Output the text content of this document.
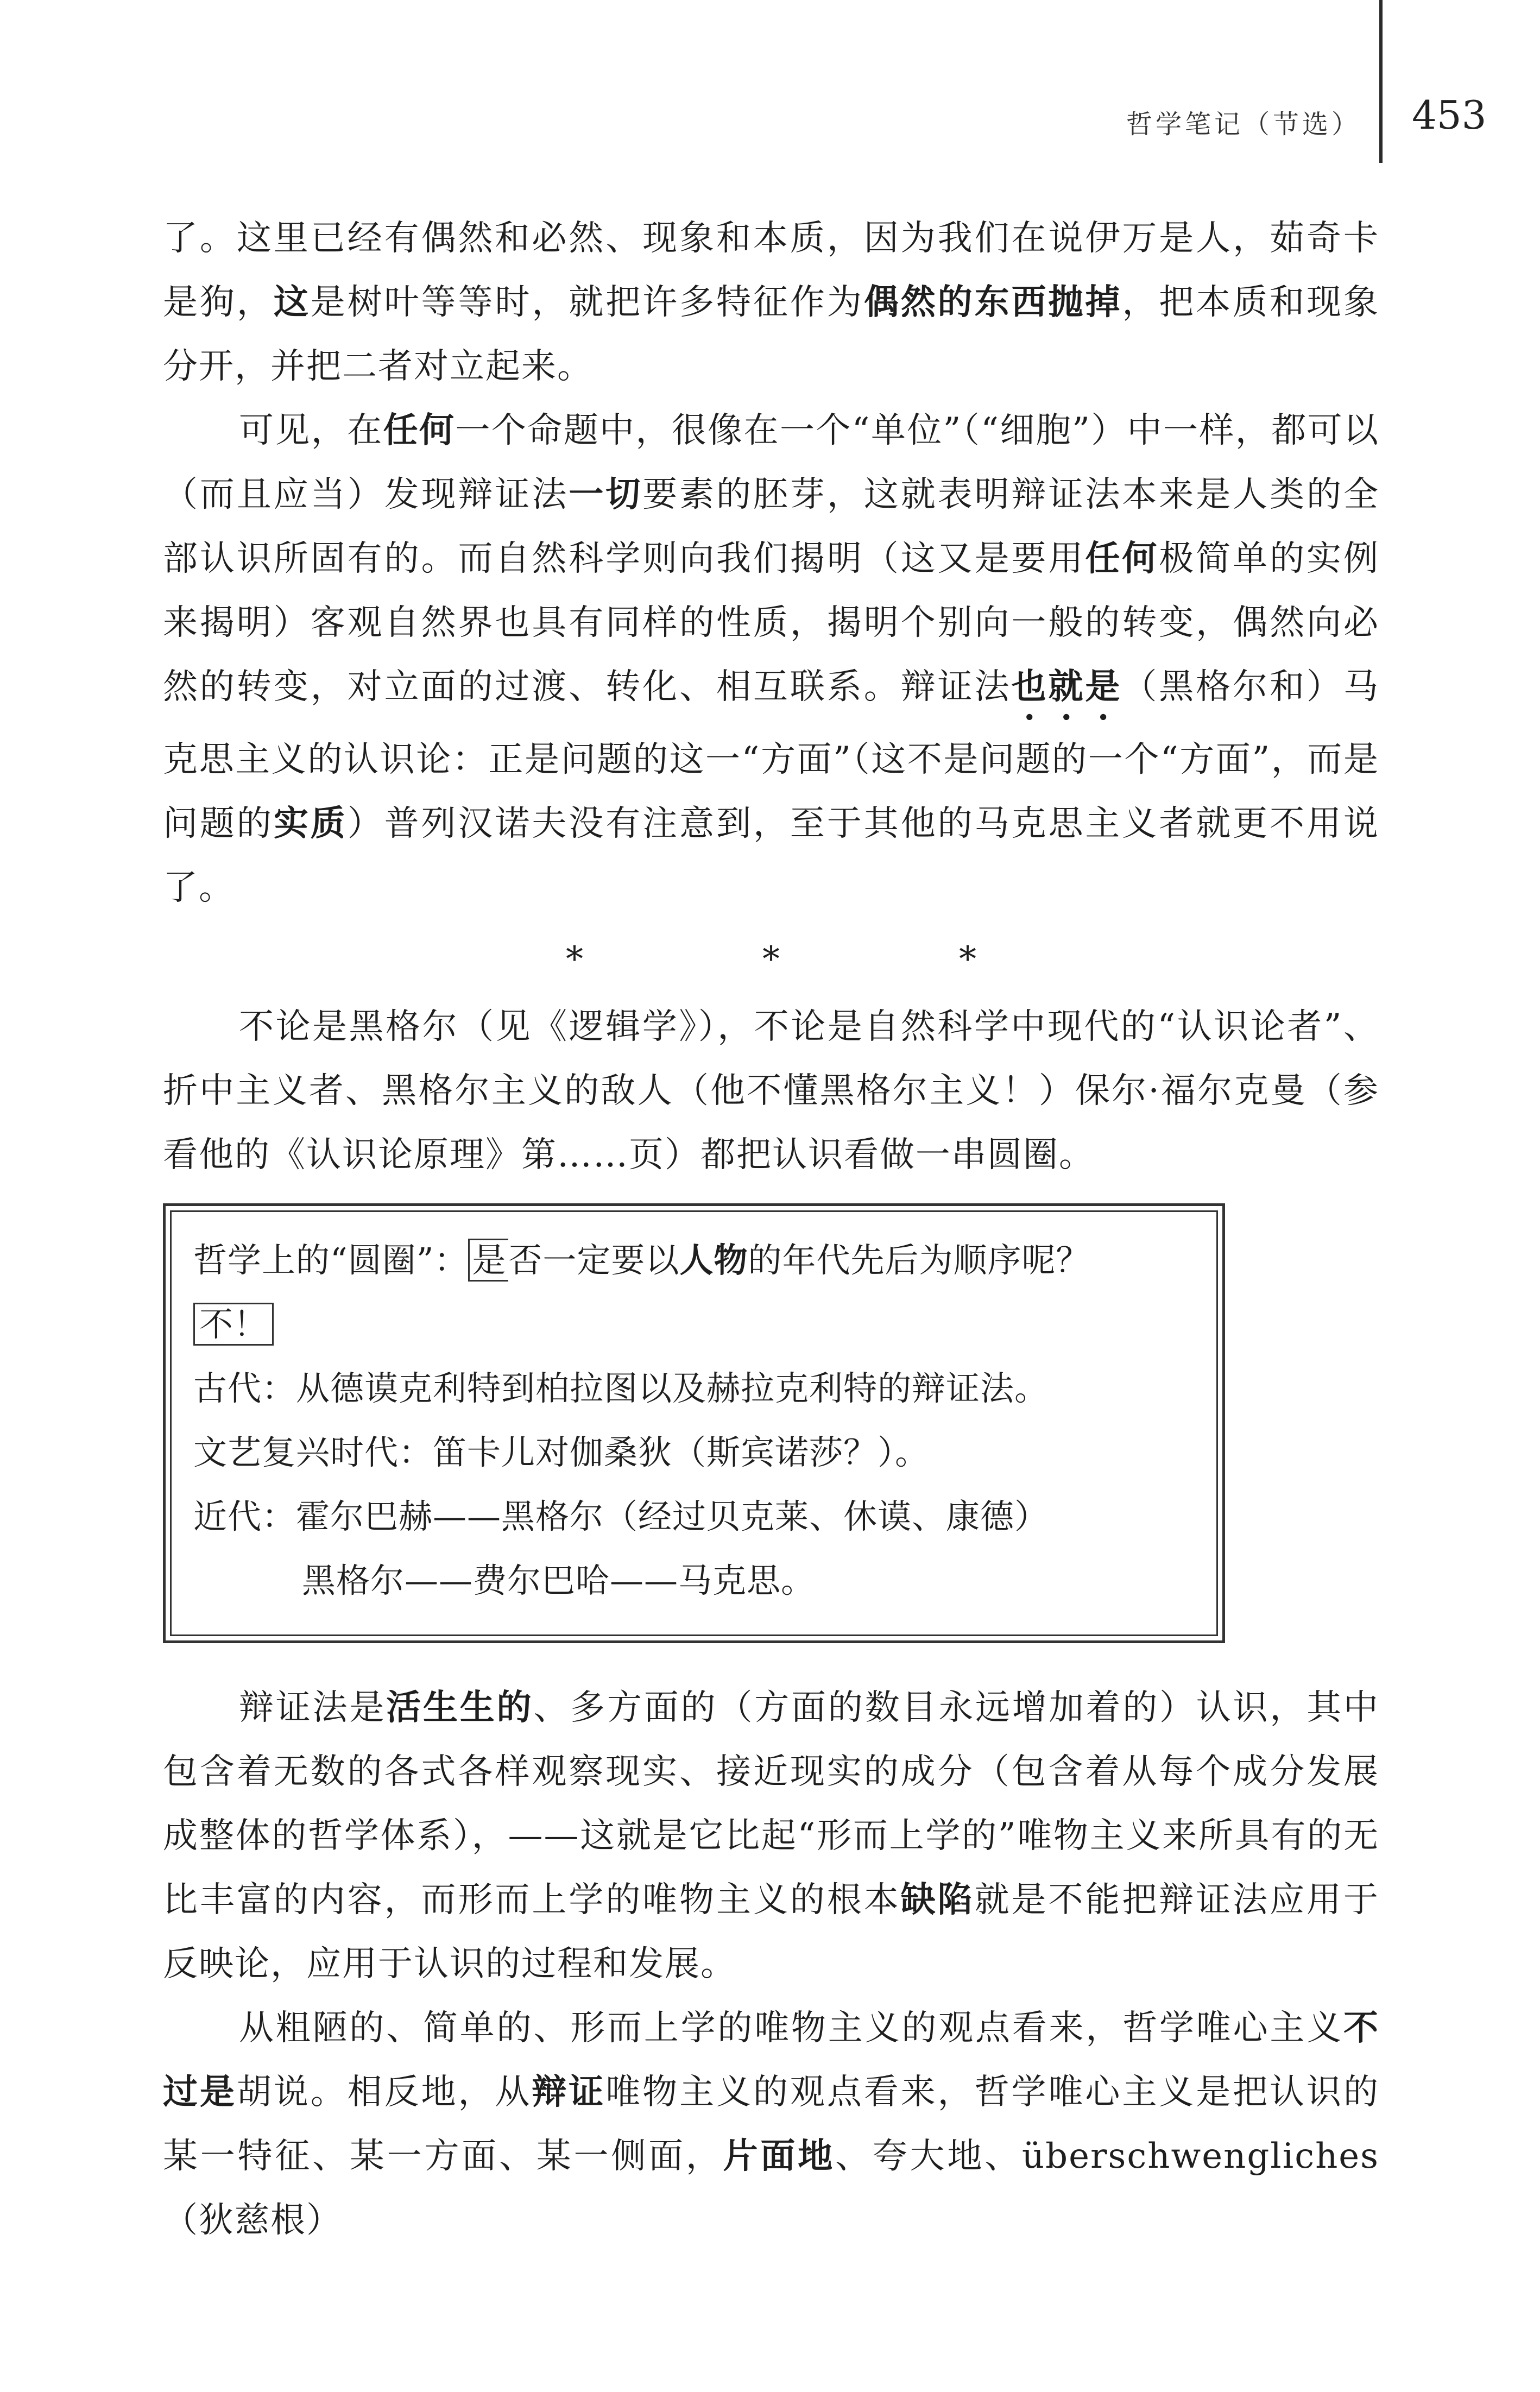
哲学笔记（节选） 453

了。这里已经有偶然和必然、现象和本质，因为我们在说伊万是人，茹奇卡是狗，这是树叶等等时，就把许多特征作为偶然的东西抛掉，把本质和现象分开，并把二者对立起来。

可见，在任何一个命题中，很像在一个“单位”（“细胞”）中一样，都可以（而且应当）发现辩证法一切要素的胚芽，这就表明辩证法本来是人类的全部认识所固有的。而自然科学则向我们揭明（这又是要用任何极简单的实例来揭明）客观自然界也具有同样的性质，揭明个别向一般的转变，偶然向必然的转变，对立面的过渡、转化、相互联系。辩证法也就是（黑格尔和）马克思主义的认识论：正是问题的这一“方面”（这不是问题的一个“方面”，而是问题的实质）普列汉诺夫没有注意到，至于其他的马克思主义者就更不用说了。

*	*	*

不论是黑格尔（见《逻辑学》），不论是自然科学中现代的“认识论者”、折中主义者、黑格尔主义的敌人（他不懂黑格尔主义！）保尔·福尔克曼（参看他的《认识论原理》第……页）都把认识看做一串圆圈。

哲学上的“圆圈”： 是否一定要以人物的年代先后为顺序呢？

不！

古代：从德谟克利特到柏拉图以及赫拉克利特的辩证法。

文艺复兴时代：笛卡儿对伽桑狄（斯宾诺莎？）。

近代：霍尔巴赫——黑格尔（经过贝克莱、休谟、康德）

黑格尔——费尔巴哈——马克思。

辩证法是活生生的、多方面的（方面的数目永远增加着的）认识，其中包含着无数的各式各样观察现实、接近现实的成分（包含着从每个成分发展成整体的哲学体系），——这就是它比起“形而上学的”唯物主义来所具有的无比丰富的内容，而形而上学的唯物主义的根本缺陷就是不能把辩证法应用于反映论，应用于认识的过程和发展。

从粗陋的、简单的、形而上学的唯物主义的观点看来，哲学唯心主义不过是胡说。相反地，从辩证唯物主义的观点看来，哲学唯心主义是把认识的某一特征、某一方面、某一侧面，片面地、夸大地、überschwengliches（狄慈根）
